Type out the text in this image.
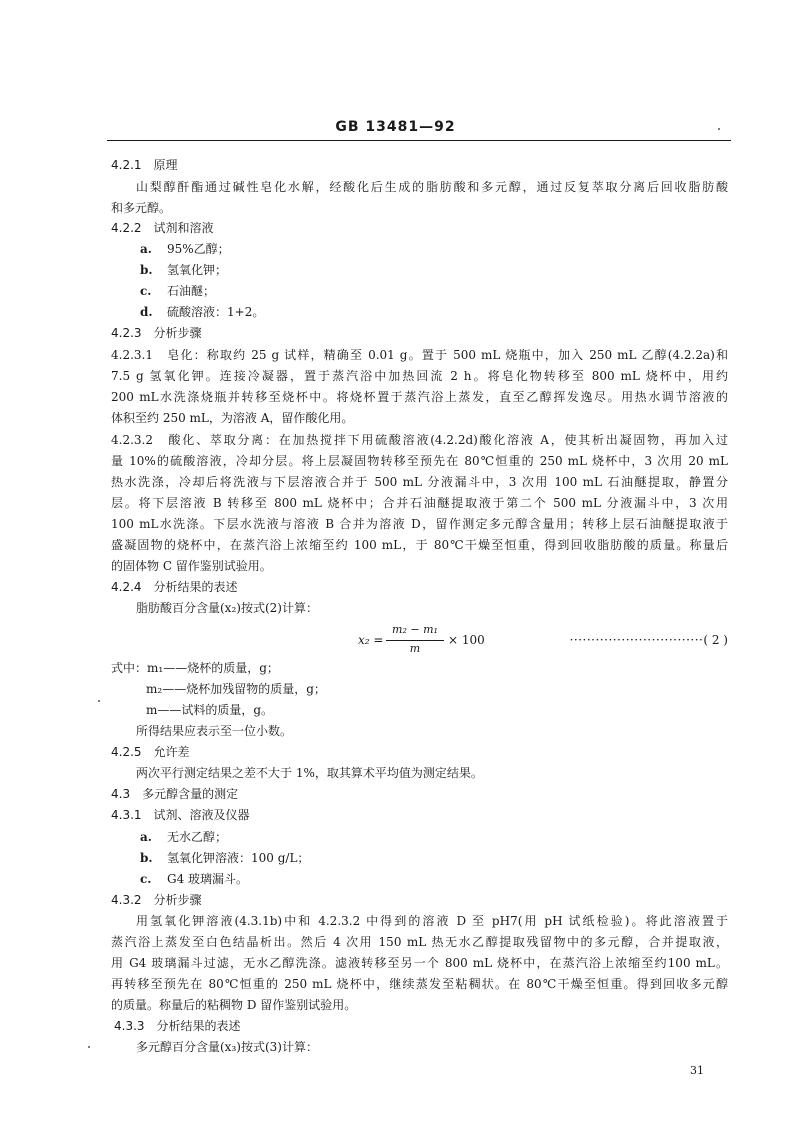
GB 13481—92
4.2.1　原理
山梨醇酐酯通过碱性皂化水解，经酸化后生成的脂肪酸和多元醇，通过反复萃取分离后回收脂肪酸
和多元醇。
4.2.2　试剂和溶液
a. 95%乙醇；
b. 氢氧化钾；
c. 石油醚；
d. 硫酸溶液：1+2。
4.2.3　分析步骤
4.2.3.1　皂化：称取约 25 g 试样，精确至 0.01 g。置于 500 mL 烧瓶中，加入 250 mL 乙醇(4.2.2a)和
7.5 g 氢氧化钾。连接冷凝器，置于蒸汽浴中加热回流 2 h。将皂化物转移至 800 mL 烧杯中，用约
200 mL水洗涤烧瓶并转移至烧杯中。将烧杯置于蒸汽浴上蒸发，直至乙醇挥发逸尽。用热水调节溶液的
体积至约 250 mL，为溶液 A，留作酸化用。
4.2.3.2　酸化、萃取分离：在加热搅拌下用硫酸溶液(4.2.2d)酸化溶液 A，使其析出凝固物，再加入过
量 10%的硫酸溶液，冷却分层。将上层凝固物转移至预先在 80℃恒重的 250 mL 烧杯中，3 次用 20 mL
热水洗涤，冷却后将洗液与下层溶液合并于 500 mL 分液漏斗中，3 次用 100 mL 石油醚提取，静置分
层。将下层溶液 B 转移至 800 mL 烧杯中；合并石油醚提取液于第二个 500 mL 分液漏斗中，3 次用
100 mL水洗涤。下层水洗液与溶液 B 合并为溶液 D，留作测定多元醇含量用；转移上层石油醚提取液于
盛凝固物的烧杯中，在蒸汽浴上浓缩至约 100 mL，于 80℃干燥至恒重，得到回收脂肪酸的质量。称量后
的固体物 C 留作鉴别试验用。
4.2.4　分析结果的表述
脂肪酸百分含量(x₂)按式(2)计算：
x₂ =
m₂ − m₁
m
× 100	·······························( 2 )
式中：m₁——烧杯的质量，g；
m₂——烧杯加残留物的质量，g；
m——试料的质量，g。
所得结果应表示至一位小数。
4.2.5　允许差
两次平行测定结果之差不大于 1%，取其算术平均值为测定结果。
4.3　多元醇含量的测定
4.3.1　试剂、溶液及仪器
a. 无水乙醇；
b. 氢氧化钾溶液：100 g/L；
c. G4 玻璃漏斗。
4.3.2　分析步骤
用氢氧化钾溶液(4.3.1b)中和 4.2.3.2 中得到的溶液 D 至 pH7(用 pH 试纸检验)。将此溶液置于
蒸汽浴上蒸发至白色结晶析出。然后 4 次用 150 mL 热无水乙醇提取残留物中的多元醇，合并提取液，
用 G4 玻璃漏斗过滤，无水乙醇洗涤。滤液转移至另一个 800 mL 烧杯中，在蒸汽浴上浓缩至约100 mL。
再转移至预先在 80℃恒重的 250 mL 烧杯中，继续蒸发至粘稠状。在 80℃干燥至恒重。得到回收多元醇
的质量。称量后的粘稠物 D 留作鉴别试验用。
4.3.3　分析结果的表述
多元醇百分含量(x₃)按式(3)计算：
31
